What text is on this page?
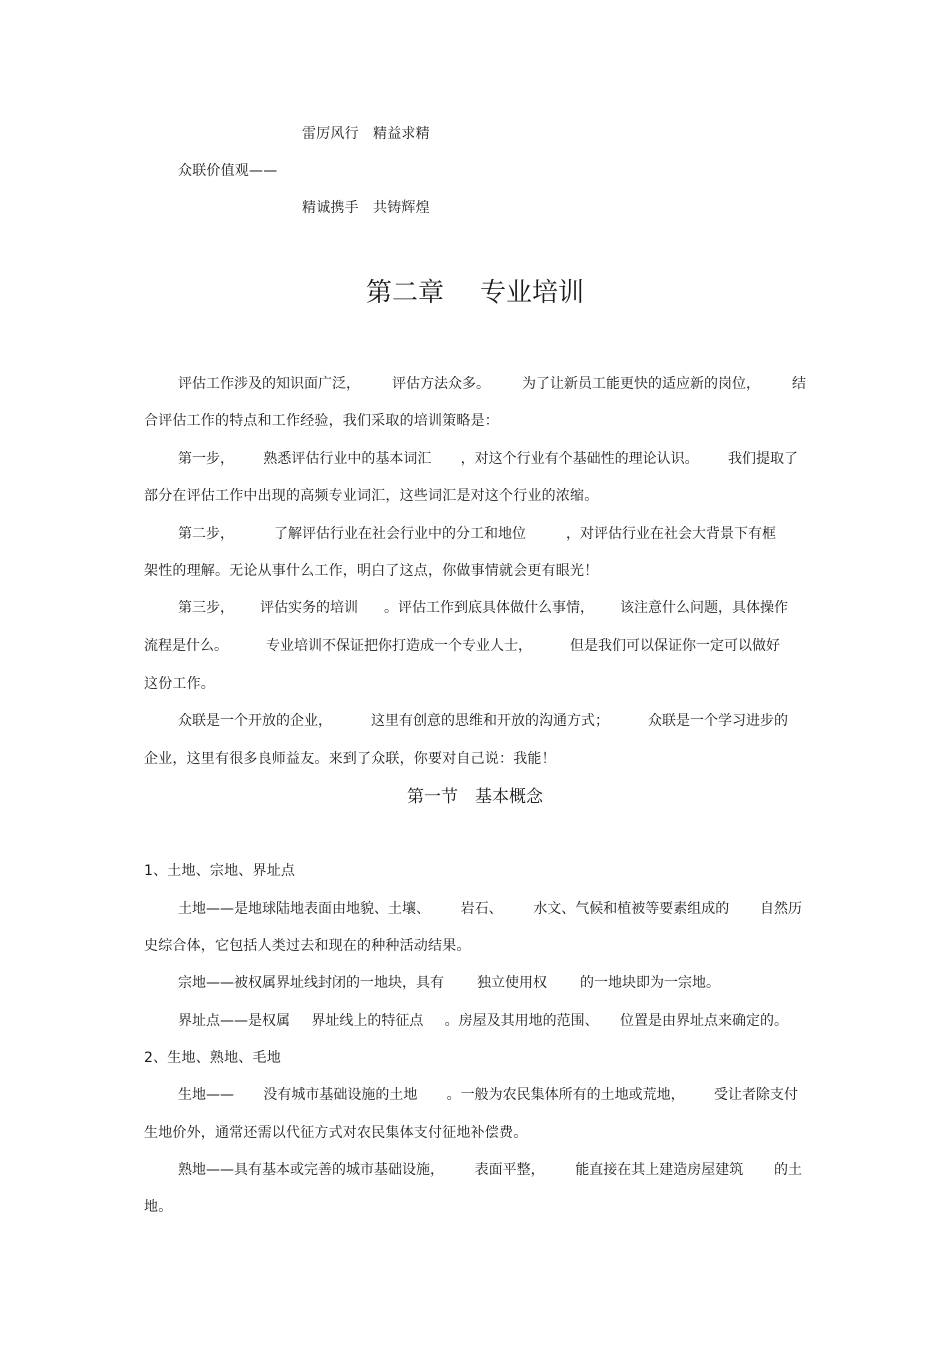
雷厉风行　精益求精
众联价值观——
精诚携手　共铸辉煌
第二章 专业培训
评估工作涉及的知识面广泛， 评估方法众多。 为了让新员工能更快的适应新的岗位， 结
合评估工作的特点和工作经验，我们采取的培训策略是：
第一步， 熟悉评估行业中的基本词汇 ，对这个行业有个基础性的理论认识。 我们提取了
部分在评估工作中出现的高频专业词汇，这些词汇是对这个行业的浓缩。
第二步，	了解评估行业在社会行业中的分工和地位	，对评估行业在社会大背景下有框
架性的理解。无论从事什么工作，明白了这点，你做事情就会更有眼光！
第三步， 评估实务的培训 。评估工作到底具体做什么事情， 该注意什么问题，具体操作
流程是什么。	专业培训不保证把你打造成一个专业人士，	但是我们可以保证你一定可以做好
这份工作。
众联是一个开放的企业，	这里有创意的思维和开放的沟通方式；	众联是一个学习进步的
企业，这里有很多良师益友。来到了众联，你要对自己说：我能！
第一节　基本概念
1、土地、宗地、界址点
土地——是地球陆地表面由地貌、土壤、 岩石、 水文、气候和植被等要素组成的 自然历
史综合体，它包括人类过去和现在的种种活动结果。
宗地——被权属界址线封闭的一地块，具有 独立使用权 的一地块即为一宗地。
界址点——是权属 界址线上的特征点 。房屋及其用地的范围、 位置是由界址点来确定的。
2、生地、熟地、毛地
生地—— 没有城市基础设施的土地 。一般为农民集体所有的土地或荒地， 受让者除支付
生地价外，通常还需以代征方式对农民集体支付征地补偿费。
熟地——具有基本或完善的城市基础设施， 表面平整， 能直接在其上建造房屋建筑 的土
地。
